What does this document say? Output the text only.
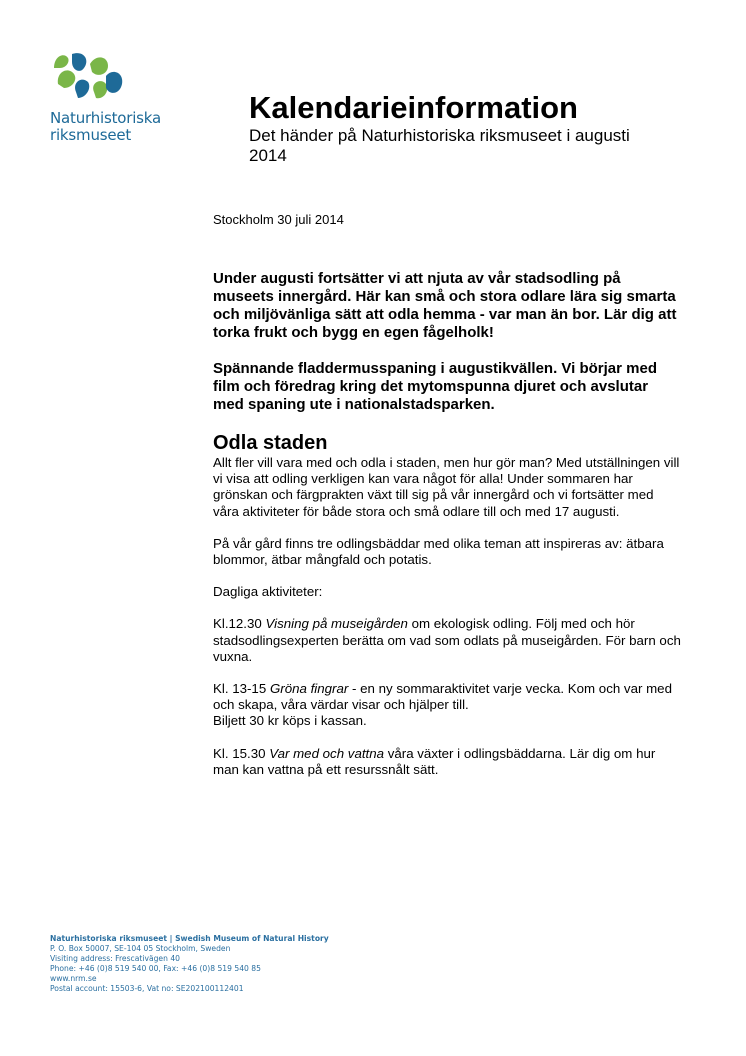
Naturhistoriska
riksmuseet
Kalendarieinformation

Det händer på Naturhistoriska riksmuseet i augusti 2014

Stockholm 30 juli 2014

Under augusti fortsätter vi att njuta av vår stadsodling på museets innergård. Här kan små och stora odlare lära sig smarta och miljövänliga sätt att odla hemma - var man än bor. Lär dig att torka frukt och bygg en egen fågelholk!

Spännande fladdermusspaning i augustikvällen. Vi börjar med film och föredrag kring det mytomspunna djuret och avslutar med spaning ute i nationalstadsparken.

Odla staden

Allt fler vill vara med och odla i staden, men hur gör man? Med utställningen vill vi visa att odling verkligen kan vara något för alla! Under sommaren har grönskan och färgprakten växt till sig på vår innergård och vi fortsätter med våra aktiviteter för både stora och små odlare till och med 17 augusti.

På vår gård finns tre odlingsbäddar med olika teman att inspireras av: ätbara blommor, ätbar mångfald och potatis.

Dagliga aktiviteter:

Kl.12.30 Visning på museigården om ekologisk odling. Följ med och hör stadsodlingsexperten berätta om vad som odlats på museigården. För barn och vuxna.

Kl. 13-15 Gröna fingrar - en ny sommaraktivitet varje vecka. Kom och var med och skapa, våra värdar visar och hjälper till.
Biljett 30 kr köps i kassan.

Kl. 15.30 Var med och vattna våra växter i odlingsbäddarna. Lär dig om hur man kan vattna på ett resurssnålt sätt.

Naturhistoriska riksmuseet | Swedish Museum of Natural History
P. O. Box 50007, SE-104 05 Stockholm, Sweden
Visiting address: Frescativägen 40
Phone: +46 (0)8 519 540 00, Fax: +46 (0)8 519 540 85
www.nrm.se
Postal account: 15503-6, Vat no: SE202100112401
